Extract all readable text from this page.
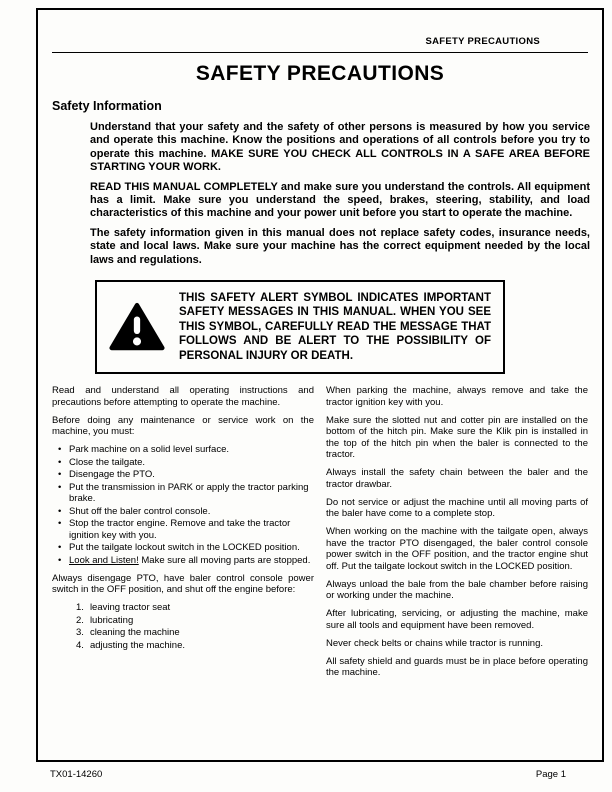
SAFETY PRECAUTIONS
SAFETY PRECAUTIONS
Safety Information

Understand that your safety and the safety of other persons is measured by how you service and operate this machine. Know the positions and operations of all controls before you try to operate this machine. MAKE SURE YOU CHECK ALL CONTROLS IN A SAFE AREA BEFORE STARTING YOUR WORK.

READ THIS MANUAL COMPLETELY and make sure you understand the controls. All equipment has a limit. Make sure you understand the speed, brakes, steering, stability, and load characteristics of this machine and your power unit before you start to operate the machine.

The safety information given in this manual does not replace safety codes, insurance needs, state and local laws. Make sure your machine has the correct equipment needed by the local laws and regulations.

THIS SAFETY ALERT SYMBOL INDICATES IMPORTANT SAFETY MESSAGES IN THIS MANUAL. WHEN YOU SEE THIS SYMBOL, CAREFULLY READ THE MESSAGE THAT FOLLOWS AND BE ALERT TO THE POSSIBILITY OF PERSONAL INJURY OR DEATH.

Read and understand all operating instructions and precautions before attempting to operate the machine.

Before doing any maintenance or service work on the machine, you must:

• Park machine on a solid level surface.
• Close the tailgate.
• Disengage the PTO.
• Put the transmission in PARK or apply the tractor parking brake.
• Shut off the baler control console.
• Stop the tractor engine. Remove and take the tractor ignition key with you.
• Put the tailgate lockout switch in the LOCKED position.
• Look and Listen! Make sure all moving parts are stopped.

Always disengage PTO, have baler control console power switch in the OFF position, and shut off the engine before:

leaving tractor seat
lubricating
cleaning the machine
adjusting the machine.

When parking the machine, always remove and take the tractor ignition key with you.

Make sure the slotted nut and cotter pin are installed on the bottom of the hitch pin. Make sure the Klik pin is installed in the top of the hitch pin when the baler is connected to the tractor.

Always install the safety chain between the baler and the tractor drawbar.

Do not service or adjust the machine until all moving parts of the baler have come to a complete stop.

When working on the machine with the tailgate open, always have the tractor PTO disengaged, the baler control console power switch in the OFF position, and the tractor engine shut off. Put the tailgate lockout switch in the LOCKED position.

Always unload the bale from the bale chamber before raising or working under the machine.

After lubricating, servicing, or adjusting the machine, make sure all tools and equipment have been removed.

Never check belts or chains while tractor is running.

All safety shield and guards must be in place before operating the machine.

TX01-14260	Page 1
